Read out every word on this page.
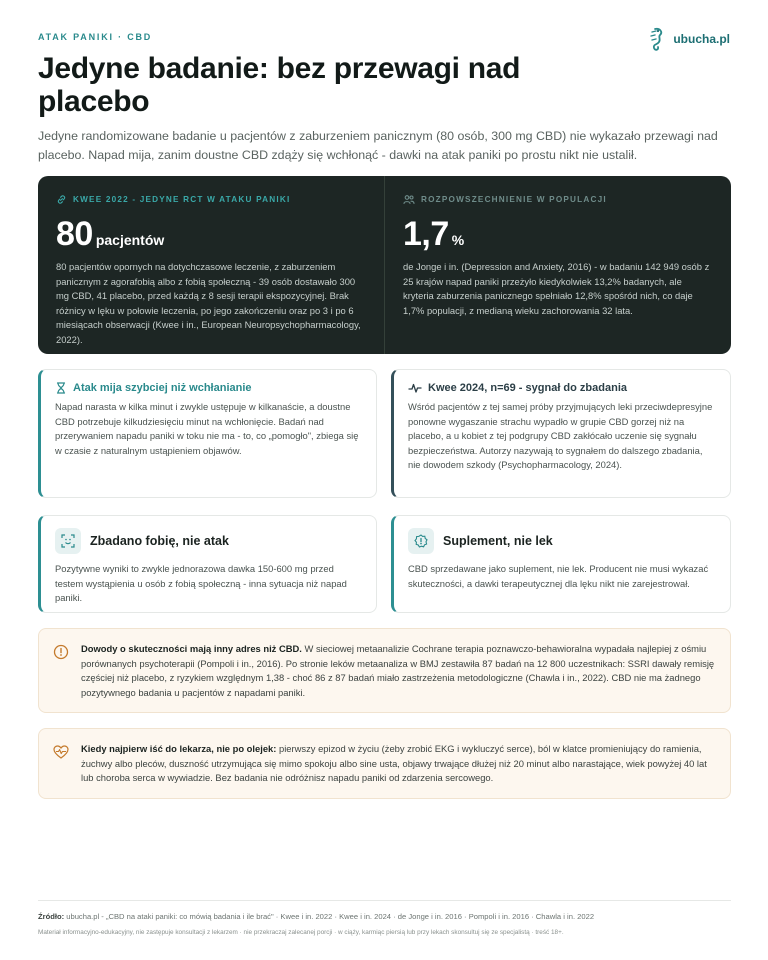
ATAK PANIKI · CBD	ubucha.pl
Jedyne badanie: bez przewagi nad placebo

Jedyne randomizowane badanie u pacjentów z zaburzeniem panicznym (80 osób, 300 mg CBD) nie wykazało przewagi nad placebo. Napad mija, zanim doustne CBD zdąży się wchłonąć - dawki na atak paniki po prostu nikt nie ustalił.

KWEE 2022 - JEDYNE RCT W ATAKU PANIKI
80 pacjentów

80 pacjentów opornych na dotychczasowe leczenie, z zaburzeniem panicznym z agorafobią albo z fobią społeczną - 39 osób dostawało 300 mg CBD, 41 placebo, przed każdą z 8 sesji terapii ekspozycyjnej. Brak różnicy w lęku w połowie leczenia, po jego zakończeniu oraz po 3 i po 6 miesiącach obserwacji (Kwee i in., European Neuropsychopharmacology, 2022).

ROZPOWSZECHNIENIE W POPULACJI
1,7 %

de Jonge i in. (Depression and Anxiety, 2016) - w badaniu 142 949 osób z 25 krajów napad paniki przeżyło kiedykolwiek 13,2% badanych, ale kryteria zaburzenia panicznego spełniało 12,8% spośród nich, co daje 1,7% populacji, z medianą wieku zachorowania 32 lata.

Atak mija szybciej niż wchłanianie

Napad narasta w kilka minut i zwykle ustępuje w kilkanaście, a doustne CBD potrzebuje kilkudziesięciu minut na wchłonięcie. Badań nad przerywaniem napadu paniki w toku nie ma - to, co „pomogło", zbiega się w czasie z naturalnym ustąpieniem objawów.

Kwee 2024, n=69 - sygnał do zbadania

Wśród pacjentów z tej samej próby przyjmujących leki przeciwdepresyjne ponowne wygaszanie strachu wypadło w grupie CBD gorzej niż na placebo, a u kobiet z tej podgrupy CBD zakłócało uczenie się sygnału bezpieczeństwa. Autorzy nazywają to sygnałem do dalszego zbadania, nie dowodem szkody (Psychopharmacology, 2024).

Zbadano fobię, nie atak

Pozytywne wyniki to zwykle jednorazowa dawka 150-600 mg przed testem wystąpienia u osób z fobią społeczną - inna sytuacja niż napad paniki.

Suplement, nie lek

CBD sprzedawane jako suplement, nie lek. Producent nie musi wykazać skuteczności, a dawki terapeutycznej dla lęku nikt nie zarejestrował.

Dowody o skuteczności mają inny adres niż CBD. W sieciowej metaanalizie Cochrane terapia poznawczo-behawioralna wypadała najlepiej z ośmiu porównanych psychoterapii (Pompoli i in., 2016). Po stronie leków metaanaliza w BMJ zestawiła 87 badań na 12 800 uczestnikach: SSRI dawały remisję częściej niż placebo, z ryzykiem względnym 1,38 - choć 86 z 87 badań miało zastrzeżenia metodologiczne (Chawla i in., 2022). CBD nie ma żadnego pozytywnego badania u pacjentów z napadami paniki.

Kiedy najpierw iść do lekarza, nie po olejek: pierwszy epizod w życiu (żeby zrobić EKG i wykluczyć serce), ból w klatce promieniujący do ramienia, żuchwy albo pleców, duszność utrzymująca się mimo spokoju albo sine usta, objawy trwające dłużej niż 20 minut albo narastające, wiek powyżej 40 lat lub choroba serca w wywiadzie. Bez badania nie odróżnisz napadu paniki od zdarzenia sercowego.

Źródło: ubucha.pl - „CBD na ataki paniki: co mówią badania i ile brać" · Kwee i in. 2022 · Kwee i in. 2024 · de Jonge i in. 2016 · Pompoli i in. 2016 · Chawla i in. 2022

Materiał informacyjno-edukacyjny, nie zastępuje konsultacji z lekarzem · nie przekraczaj zalecanej porcji · w ciąży, karmiąc piersią lub przy lekach skonsultuj się ze specjalistą · treść 18+.
